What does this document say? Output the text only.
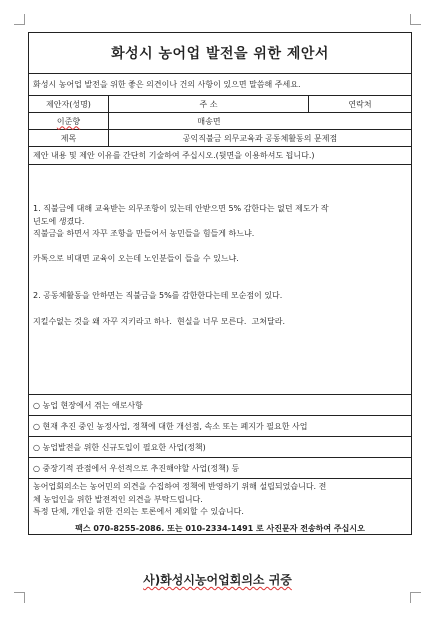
화성시 농어업 발전을 위한 제안서
화성시 농어업 발전을 위한 좋은 의견이나 건의 사항이 있으면 말씀해 주세요.
제안자(성명)	주 소	연락처
이준향	매송면
제목	공익직불금 의무교육과 공동체활동의 문제점
제안 내용 및 제안 이유를 간단히 기술하여 주십시오.(뒷면을 이용하셔도 됩니다.)

1. 직불금에 대해 교육받는 의무조항이 있는데 안받으면 5% 감한다는 없던 제도가 작

년도에 생겼다.

직불금을 하면서 자꾸 조항을 만들어서 농민들을 힘들게 하느냐.

카톡으로 비대면 교육이 오는데 노인분들이 들을 수 있느냐.

2. 공동체활동을 안하면는 직불금을 5%를 감한한다는데 모순점이 있다.

지킬수없는 것을 왜 자꾸 지키라고 하나.  현실을 너무 모른다.  고쳐달라.

○ 농업 현장에서 겪는 애로사항
○ 현재 추진 중인 농정사업, 정책에 대한 개선점, 속소 또는 폐지가 필요한 사업
○ 농업발전을 위한 신규도입이 필요한 사업(정책)
○ 중장기적 관점에서 우선적으로 추진해야할 사업(정책) 등

농어업회의소는 농어민의 의견을 수집하여 정책에 반영하기 위해 설립되었습니다. 전

체 농업인을 위한 발전적인 의견을 부탁드립니다.

특정 단체, 개인을 위한 건의는 토론에서 제외할 수 있습니다.

팩스 070-8255-2086. 또는 010-2334-1491 로 사진문자 전송하여 주십시오
사)화성시농어업회의소 귀중
